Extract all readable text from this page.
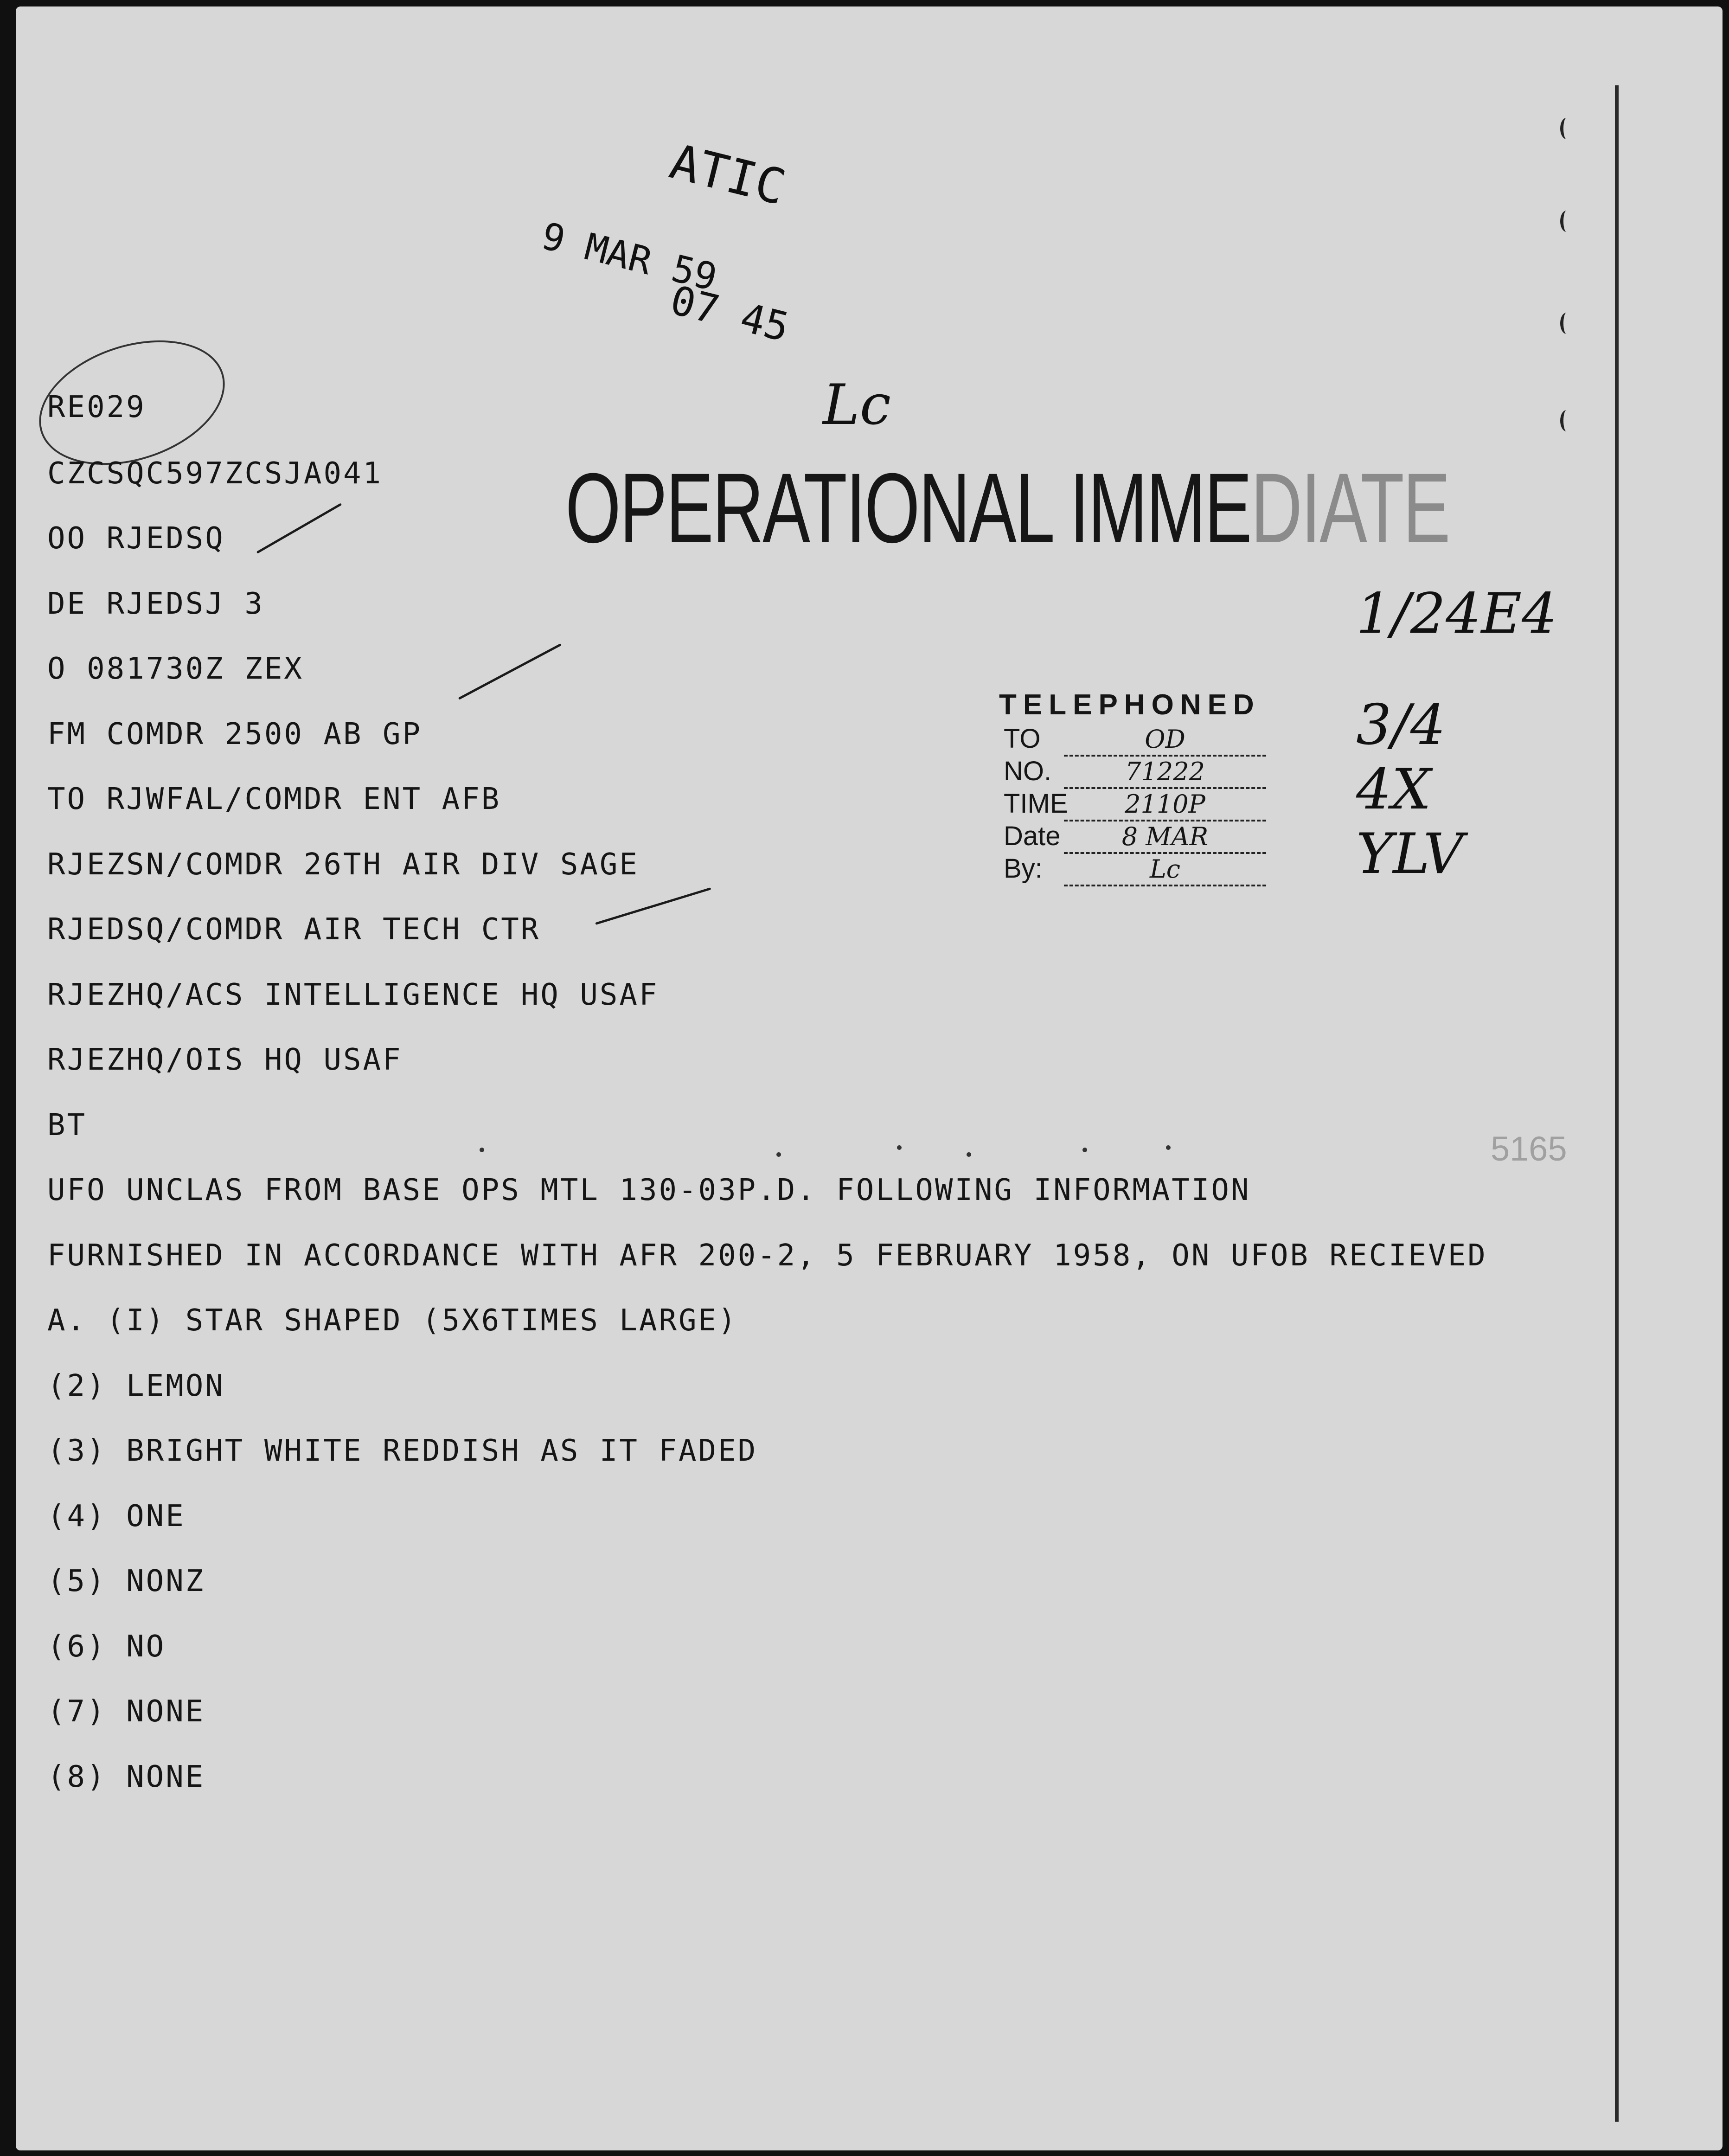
ATIC
9 MAR 59
07 45
Lc
OPERATIONAL IMMEDIATE
RE029
CZCSQC597ZCSJA041
OO RJEDSQ
DE RJEDSJ 3
O 081730Z ZEX
FM COMDR 2500 AB GP
TO RJWFAL/COMDR ENT AFB
RJEZSN/COMDR 26TH AIR DIV SAGE
RJEDSQ/COMDR AIR TECH CTR
RJEZHQ/ACS INTELLIGENCE HQ USAF
RJEZHQ/OIS HQ USAF
BT
UFO UNCLAS FROM BASE OPS MTL 130-03P.D. FOLLOWING INFORMATION
FURNISHED IN ACCORDANCE WITH AFR 200-2, 5 FEBRUARY 1958, ON UFOB RECIEVED
A. (I) STAR SHAPED (5X6TIMES LARGE)
(2) LEMON
(3) BRIGHT WHITE REDDISH AS IT FADED
(4) ONE
(5) NONZ
(6) NO
(7) NONE
(8) NONE
TELEPHONED
TO	OD
NO.	71222
TIME 2110P
Date 8 MAR
By:	Lc
1/24E4
3/4 4X YLV
5165
